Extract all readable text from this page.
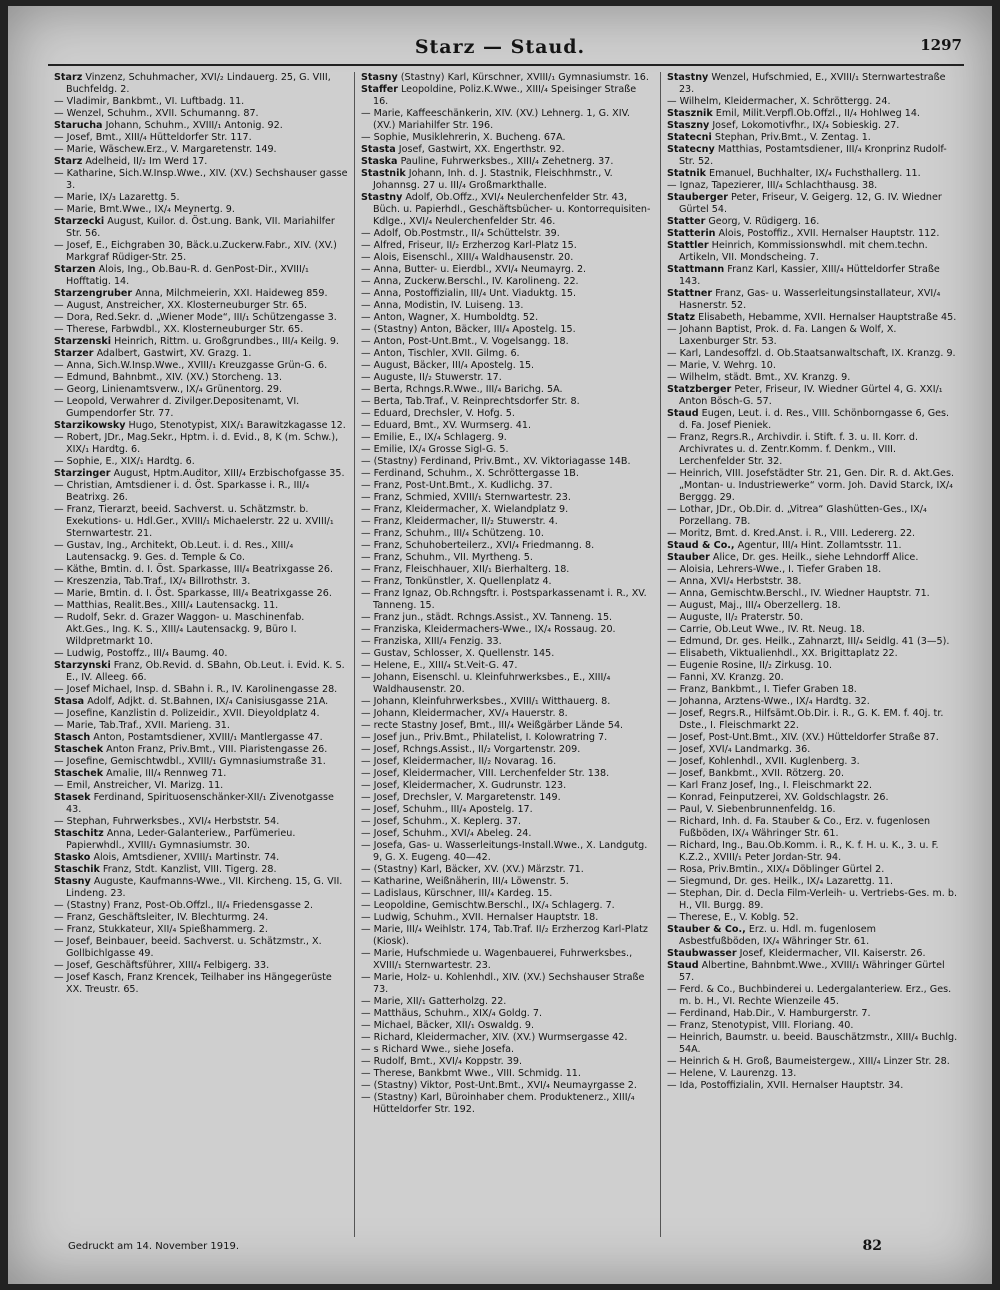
Starz — Staud.	1297

Starz Vinzenz, Schuhmacher, XVI/₂ Lindauerg. 25, G. VIII, Buchfeldg. 2.

— Vladimir, Bankbmt., VI. Luftbadg. 11.

— Wenzel, Schuhm., XVII. Schumanng. 87.

Starucha Johann, Schuhm., XVIII/₁ Antonig. 92.

— Josef, Bmt., XIII/₄ Hütteldorfer Str. 117.

— Marie, Wäschew.Erz., V. Margaretenstr. 149.

Starz Adelheid, II/₂ Im Werd 17.

— Katharine, Sich.W.Insp.Wwe., XIV. (XV.) Sechshauser gasse 3.

— Marie, IX/₃ Lazarettg. 5.

— Marie, Bmt.Wwe., IX/₄ Meynertg. 9.

Starzecki August, Kuilor. d. Öst.ung. Bank, VII. Mariahilfer Str. 56.

— Josef, E., Eichgraben 30, Bäck.u.Zuckerw.Fabr., XIV. (XV.) Markgraf Rüdiger-Str. 25.

Starzen Alois, Ing., Ob.Bau-R. d. GenPost-Dir., XVIII/₁ Hofftatig. 14.

Starzengruber Anna, Milchmeierin, XXI. Haideweg 859.

— August, Anstreicher, XX. Klosterneuburger Str. 65.

— Dora, Red.Sekr. d. „Wiener Mode“, III/₁ Schützengasse 3.

— Therese, Farbwdbl., XX. Klosterneuburger Str. 65.

Starzenski Heinrich, Rittm. u. Großgrundbes., III/₄ Keilg. 9.

Starzer Adalbert, Gastwirt, XV. Grazg. 1.

— Anna, Sich.W.Insp.Wwe., XVIII/₁ Kreuzgasse Grün-G. 6.

— Edmund, Bahnbmt., XIV. (XV.) Storcheng. 13.

— Georg, Linienamtsverw., IX/₄ Grünentorg. 29.

— Leopold, Verwahrer d. Zivilger.Depositenamt, VI. Gumpendorfer Str. 77.

Starzikowsky Hugo, Stenotypist, XIX/₁ Barawitzkagasse 12.

— Robert, JDr., Mag.Sekr., Hptm. i. d. Evid., 8, K (m. Schw.), XIX/₁ Hardtg. 6.

— Sophie, E., XIX/₁ Hardtg. 6.

Starzinger August, Hptm.Auditor, XIII/₄ Erzbischofgasse 35.

— Christian, Amtsdiener i. d. Öst. Sparkasse i. R., III/₄ Beatrixg. 26.

— Franz, Tierarzt, beeid. Sachverst. u. Schätzmstr. b. Exekutions- u. Hdl.Ger., XVIII/₁ Michaelerstr. 22 u. XVIII/₁ Sternwartestr. 21.

— Gustav, Ing., Architekt, Ob.Leut. i. d. Res., XIII/₄ Lautensackg. 9. Ges. d. Temple & Co.

— Käthe, Bmtin. d. I. Öst. Sparkasse, III/₄ Beatrixgasse 26.

— Kreszenzia, Tab.Traf., IX/₄ Billrothstr. 3.

— Marie, Bmtin. d. I. Öst. Sparkasse, III/₄ Beatrixgasse 26.

— Matthias, Realit.Bes., XIII/₄ Lautensackg. 11.

— Rudolf, Sekr. d. Grazer Waggon- u. Maschinenfab. Akt.Ges., Ing. K. S., XIII/₄ Lautensackg. 9, Büro I. Wildpretmarkt 10.

— Ludwig, Postoffz., III/₄ Baumg. 40.

Starzynski Franz, Ob.Revid. d. SBahn, Ob.Leut. i. Evid. K. S. E., IV. Alleeg. 66.

— Josef Michael, Insp. d. SBahn i. R., IV. Karolinengasse 28.

Stasa Adolf, Adjkt. d. St.Bahnen, IX/₄ Canisiusgasse 21A.

— Josefine, Kanzlistin d. Polizeidir., XVII. Dieyoldplatz 4.

— Marie, Tab.Traf., XVII. Marieng. 31.

Stasch Anton, Postamtsdiener, XVIII/₁ Mantlergasse 47.

Staschek Anton Franz, Priv.Bmt., VIII. Piaristengasse 26.

— Josefine, Gemischtwdbl., XVIII/₁ Gymnasiumstraße 31.

Staschek Amalie, III/₄ Rennweg 71.

— Emil, Anstreicher, VI. Marizg. 11.

Stasek Ferdinand, Spirituosenschänker-XII/₁ Zivenotgasse 43.

— Stephan, Fuhrwerksbes., XVI/₄ Herbststr. 54.

Staschitz Anna, Leder-Galanteriew., Parfümerieu. Papierwhdl., XVIII/₁ Gymnasiumstr. 30.

Stasko Alois, Amtsdiener, XVIII/₁ Martinstr. 74.

Staschik Franz, Stdt. Kanzlist, VIII. Tigerg. 28.

Stasny Auguste, Kaufmanns-Wwe., VII. Kircheng. 15, G. VII. Lindeng. 23.

— (Stastny) Franz, Post-Ob.Offzl., II/₄ Friedensgasse 2.

— Franz, Geschäftsleiter, IV. Blechturmg. 24.

— Franz, Stukkateur, XII/₄ Spießhammerg. 2.

— Josef, Beinbauer, beeid. Sachverst. u. Schätzmstr., X. Gollbichlgasse 49.

— Josef, Geschäftsführer, XIII/₄ Felbigerg. 33.

— Josef Kasch, Franz Krencek, Teilhaber ins Hängegerüste XX. Treustr. 65.

Stasny (Stastny) Karl, Kürschner, XVIII/₁ Gymnasiumstr. 16.

Staffer Leopoldine, Poliz.K.Wwe., XIII/₄ Speisinger Straße 16.

— Marie, Kaffeeschänkerin, XIV. (XV.) Lehnerg. 1, G. XIV. (XV.) Mariahilfer Str. 196.

— Sophie, Musiklehrerin, X. Bucheng. 67A.

Stasta Josef, Gastwirt, XX. Engerthstr. 92.

Staska Pauline, Fuhrwerksbes., XIII/₄ Zehetnerg. 37.

Stastnik Johann, Inh. d. J. Stastnik, Fleischhmstr., V. Johannsg. 27 u. III/₄ Großmarkthalle.

Stastny Adolf, Ob.Offz., XVI/₄ Neulerchenfelder Str. 43, Büch. u. Papierhdl., Geschäftsbücher- u. Kontorrequisiten-Kdlge., XVI/₄ Neulerchenfelder Str. 46.

— Adolf, Ob.Postmstr., II/₄ Schüttelstr. 39.

— Alfred, Friseur, II/₂ Erzherzog Karl-Platz 15.

— Alois, Eisenschl., XIII/₄ Waldhausenstr. 20.

— Anna, Butter- u. Eierdbl., XVI/₄ Neumayrg. 2.

— Anna, Zuckerw.Berschl., IV. Karolineng. 22.

— Anna, Postoffizialin, III/₄ Unt. Viaduktg. 15.

— Anna, Modistin, IV. Luiseng. 13.

— Anton, Wagner, X. Humboldtg. 52.

— (Stastny) Anton, Bäcker, III/₄ Apostelg. 15.

— Anton, Post-Unt.Bmt., V. Vogelsangg. 18.

— Anton, Tischler, XVII. Gilmg. 6.

— August, Bäcker, III/₄ Apostelg. 15.

— Auguste, II/₂ Stuwerstr. 17.

— Berta, Rchngs.R.Wwe., III/₄ Barichg. 5A.

— Berta, Tab.Traf., V. Reinprechtsdorfer Str. 8.

— Eduard, Drechsler, V. Hofg. 5.

— Eduard, Bmt., XV. Wurmserg. 41.

— Emilie, E., IX/₄ Schlagerg. 9.

— Emilie, IX/₄ Grosse Sigl-G. 5.

— (Stastny) Ferdinand, Priv.Bmt., XV. Viktoriagasse 14B.

— Ferdinand, Schuhm., X. Schröttergasse 1B.

— Franz, Post-Unt.Bmt., X. Kudlichg. 37.

— Franz, Schmied, XVIII/₁ Sternwartestr. 23.

— Franz, Kleidermacher, X. Wielandplatz 9.

— Franz, Kleidermacher, II/₂ Stuwerstr. 4.

— Franz, Schuhm., III/₄ Schützeng. 10.

— Franz, Schuhoberteilerz., XVI/₄ Friedmanng. 8.

— Franz, Schuhm., VII. Myrtheng. 5.

— Franz, Fleischhauer, XII/₁ Bierhalterg. 18.

— Franz, Tonkünstler, X. Quellenplatz 4.

— Franz Ignaz, Ob.Rchngsftr. i. Postsparkassenamt i. R., XV. Tanneng. 15.

— Franz jun., städt. Rchngs.Assist., XV. Tanneng. 15.

— Franziska, Kleidermachers-Wwe., IX/₄ Rossaug. 20.

— Franziska, XIII/₄ Fenzig. 33.

— Gustav, Schlosser, X. Quellenstr. 145.

— Helene, E., XIII/₄ St.Veit-G. 47.

— Johann, Eisenschl. u. Kleinfuhrwerksbes., E., XIII/₄ Waldhausenstr. 20.

— Johann, Kleinfuhrwerksbes., XVIII/₁ Witthauerg. 8.

— Johann, Kleidermacher, XV/₄ Hauerstr. 8.

— recte Stastny Josef, Bmt., III/₄ Weißgärber Lände 54.

— Josef jun., Priv.Bmt., Philatelist, I. Kolowratring 7.

— Josef, Rchngs.Assist., II/₂ Vorgartenstr. 209.

— Josef, Kleidermacher, II/₂ Novarag. 16.

— Josef, Kleidermacher, VIII. Lerchenfelder Str. 138.

— Josef, Kleidermacher, X. Gudrunstr. 123.

— Josef, Drechsler, V. Margaretenstr. 149.

— Josef, Schuhm., III/₄ Apostelg. 17.

— Josef, Schuhm., X. Keplerg. 37.

— Josef, Schuhm., XVI/₄ Abeleg. 24.

— Josefa, Gas- u. Wasserleitungs-Install.Wwe., X. Landgutg. 9, G. X. Eugeng. 40—42.

— (Stastny) Karl, Bäcker, XV. (XV.) Märzstr. 71.

— Katharine, Weißnäherin, III/₄ Löwenstr. 5.

— Ladislaus, Kürschner, III/₄ Kardeg. 15.

— Leopoldine, Gemischtw.Berschl., IX/₄ Schlagerg. 7.

— Ludwig, Schuhm., XVII. Hernalser Hauptstr. 18.

— Marie, III/₄ Weihlstr. 174, Tab.Traf. II/₂ Erzherzog Karl-Platz (Kiosk).

— Marie, Hufschmiede u. Wagenbauerei, Fuhrwerksbes., XVIII/₁ Sternwartestr. 23.

— Marie, Holz- u. Kohlenhdl., XIV. (XV.) Sechshauser Straße 73.

— Marie, XII/₁ Gatterholzg. 22.

— Matthäus, Schuhm., XIX/₄ Goldg. 7.

— Michael, Bäcker, XII/₁ Oswaldg. 9.

— Richard, Kleidermacher, XIV. (XV.) Wurmsergasse 42.

— s Richard Wwe., siehe Josefa.

— Rudolf, Bmt., XVI/₄ Koppstr. 39.

— Therese, Bankbmt Wwe., VIII. Schmidg. 11.

— (Stastny) Viktor, Post-Unt.Bmt., XVI/₄ Neumayrgasse 2.

— (Stastny) Karl, Büroinhaber chem. Produktenerz., XIII/₄ Hütteldorfer Str. 192.

Stastny Wenzel, Hufschmied, E., XVIII/₁ Sternwartestraße 23.

— Wilhelm, Kleidermacher, X. Schröttergg. 24.

Stasznik Emil, Milit.Verpfl.Ob.Offzl., II/₄ Hohlweg 14.

Staszny Josef, Lokomotivfhr., IX/₄ Sobieskig. 27.

Statecni Stephan, Priv.Bmt., V. Zentag. 1.

Statecny Matthias, Postamtsdiener, III/₄ Kronprinz Rudolf-Str. 52.

Statnik Emanuel, Buchhalter, IX/₄ Fuchsthallerg. 11.

— Ignaz, Tapezierer, III/₄ Schlachthausg. 38.

Stauberger Peter, Friseur, V. Geigerg. 12, G. IV. Wiedner Gürtel 54.

Statter Georg, V. Rüdigerg. 16.

Statterin Alois, Postoffiz., XVII. Hernalser Hauptstr. 112.

Stattler Heinrich, Kommissionswhdl. mit chem.techn. Artikeln, VII. Mondscheing. 7.

Stattmann Franz Karl, Kassier, XIII/₄ Hütteldorfer Straße 143.

Stattner Franz, Gas- u. Wasserleitungsinstallateur, XVI/₄ Hasnerstr. 52.

Statz Elisabeth, Hebamme, XVII. Hernalser Hauptstraße 45.

— Johann Baptist, Prok. d. Fa. Langen & Wolf, X. Laxenburger Str. 53.

— Karl, Landesoffzl. d. Ob.Staatsanwaltschaft, IX. Kranzg. 9.

— Marie, V. Wehrg. 10.

— Wilhelm, städt. Bmt., XV. Kranzg. 9.

Statzberger Peter, Friseur, IV. Wiedner Gürtel 4, G. XXI/₁ Anton Bösch-G. 57.

Staud Eugen, Leut. i. d. Res., VIII. Schönborngasse 6, Ges. d. Fa. Josef Pieniek.

— Franz, Regrs.R., Archivdir. i. Stift. f. 3. u. II. Korr. d. Archivrates u. d. Zentr.Komm. f. Denkm., VIII. Lerchenfelder Str. 32.

— Heinrich, VIII. Josefstädter Str. 21, Gen. Dir. R. d. Akt.Ges. „Montan- u. Industriewerke“ vorm. Joh. David Starck, IX/₄ Berggg. 29.

— Lothar, JDr., Ob.Dir. d. „Vitrea“ Glashütten-Ges., IX/₄ Porzellang. 7B.

— Moritz, Bmt. d. Kred.Anst. i. R., VIII. Ledererg. 22.

Staud & Co., Agentur, III/₄ Hint. Zollamtsstr. 11.

Stauber Alice, Dr. ges. Heilk., siehe Lehndorff Alice.

— Aloisia, Lehrers-Wwe., I. Tiefer Graben 18.

— Anna, XVI/₄ Herbststr. 38.

— Anna, Gemischtw.Berschl., IV. Wiedner Hauptstr. 71.

— August, Maj., III/₄ Oberzellerg. 18.

— Auguste, II/₂ Praterstr. 50.

— Carrie, Ob.Leut Wwe., IV. Rt. Neug. 18.

— Edmund, Dr. ges. Heilk., Zahnarzt, III/₄ Seidlg. 41 (3—5).

— Elisabeth, Viktualienhdl., XX. Brigittaplatz 22.

— Eugenie Rosine, II/₂ Zirkusg. 10.

— Fanni, XV. Kranzg. 20.

— Franz, Bankbmt., I. Tiefer Graben 18.

— Johanna, Arztens-Wwe., IX/₄ Hardtg. 32.

— Josef, Regrs.R., Hilfsämt.Ob.Dir. i. R., G. K. EM. f. 40j. tr. Dste., I. Fleischmarkt 22.

— Josef, Post-Unt.Bmt., XIV. (XV.) Hütteldorfer Straße 87.

— Josef, XVI/₄ Landmarkg. 36.

— Josef, Kohlenhdl., XVII. Kuglenberg. 3.

— Josef, Bankbmt., XVII. Rötzerg. 20.

— Karl Franz Josef, Ing., I. Fleischmarkt 22.

— Konrad, Feinputzerei, XV. Goldschlagstr. 26.

— Paul, V. Siebenbrunnenfeldg. 16.

— Richard, Inh. d. Fa. Stauber & Co., Erz. v. fugenlosen Fußböden, IX/₄ Währinger Str. 61.

— Richard, Ing., Bau.Ob.Komm. i. R., K. f. H. u. K., 3. u. F. K.Z.2., XVIII/₁ Peter Jordan-Str. 94.

— Rosa, Priv.Bmtin., XIX/₄ Döblinger Gürtel 2.

— Siegmund, Dr. ges. Heilk., IX/₄ Lazarettg. 11.

— Stephan, Dir. d. Decla Film-Verleih- u. Vertriebs-Ges. m. b. H., VII. Burgg. 89.

— Therese, E., V. Koblg. 52.

Stauber & Co., Erz. u. Hdl. m. fugenlosem Asbestfußböden, IX/₄ Währinger Str. 61.

Staubwasser Josef, Kleidermacher, VII. Kaiserstr. 26.

Staud Albertine, Bahnbmt.Wwe., XVIII/₁ Währinger Gürtel 57.

— Ferd. & Co., Buchbinderei u. Ledergalanteriew. Erz., Ges. m. b. H., VI. Rechte Wienzeile 45.

— Ferdinand, Hab.Dir., V. Hamburgerstr. 7.

— Franz, Stenotypist, VIII. Floriang. 40.

— Heinrich, Baumstr. u. beeid. Bauschätzmstr., XIII/₄ Buchlg. 54A.

— Heinrich & H. Groß, Baumeistergew., XIII/₄ Linzer Str. 28.

— Helene, V. Laurenzg. 13.

— Ida, Postoffizialin, XVII. Hernalser Hauptstr. 34.

Gedruckt am 14. November 1919.	82
